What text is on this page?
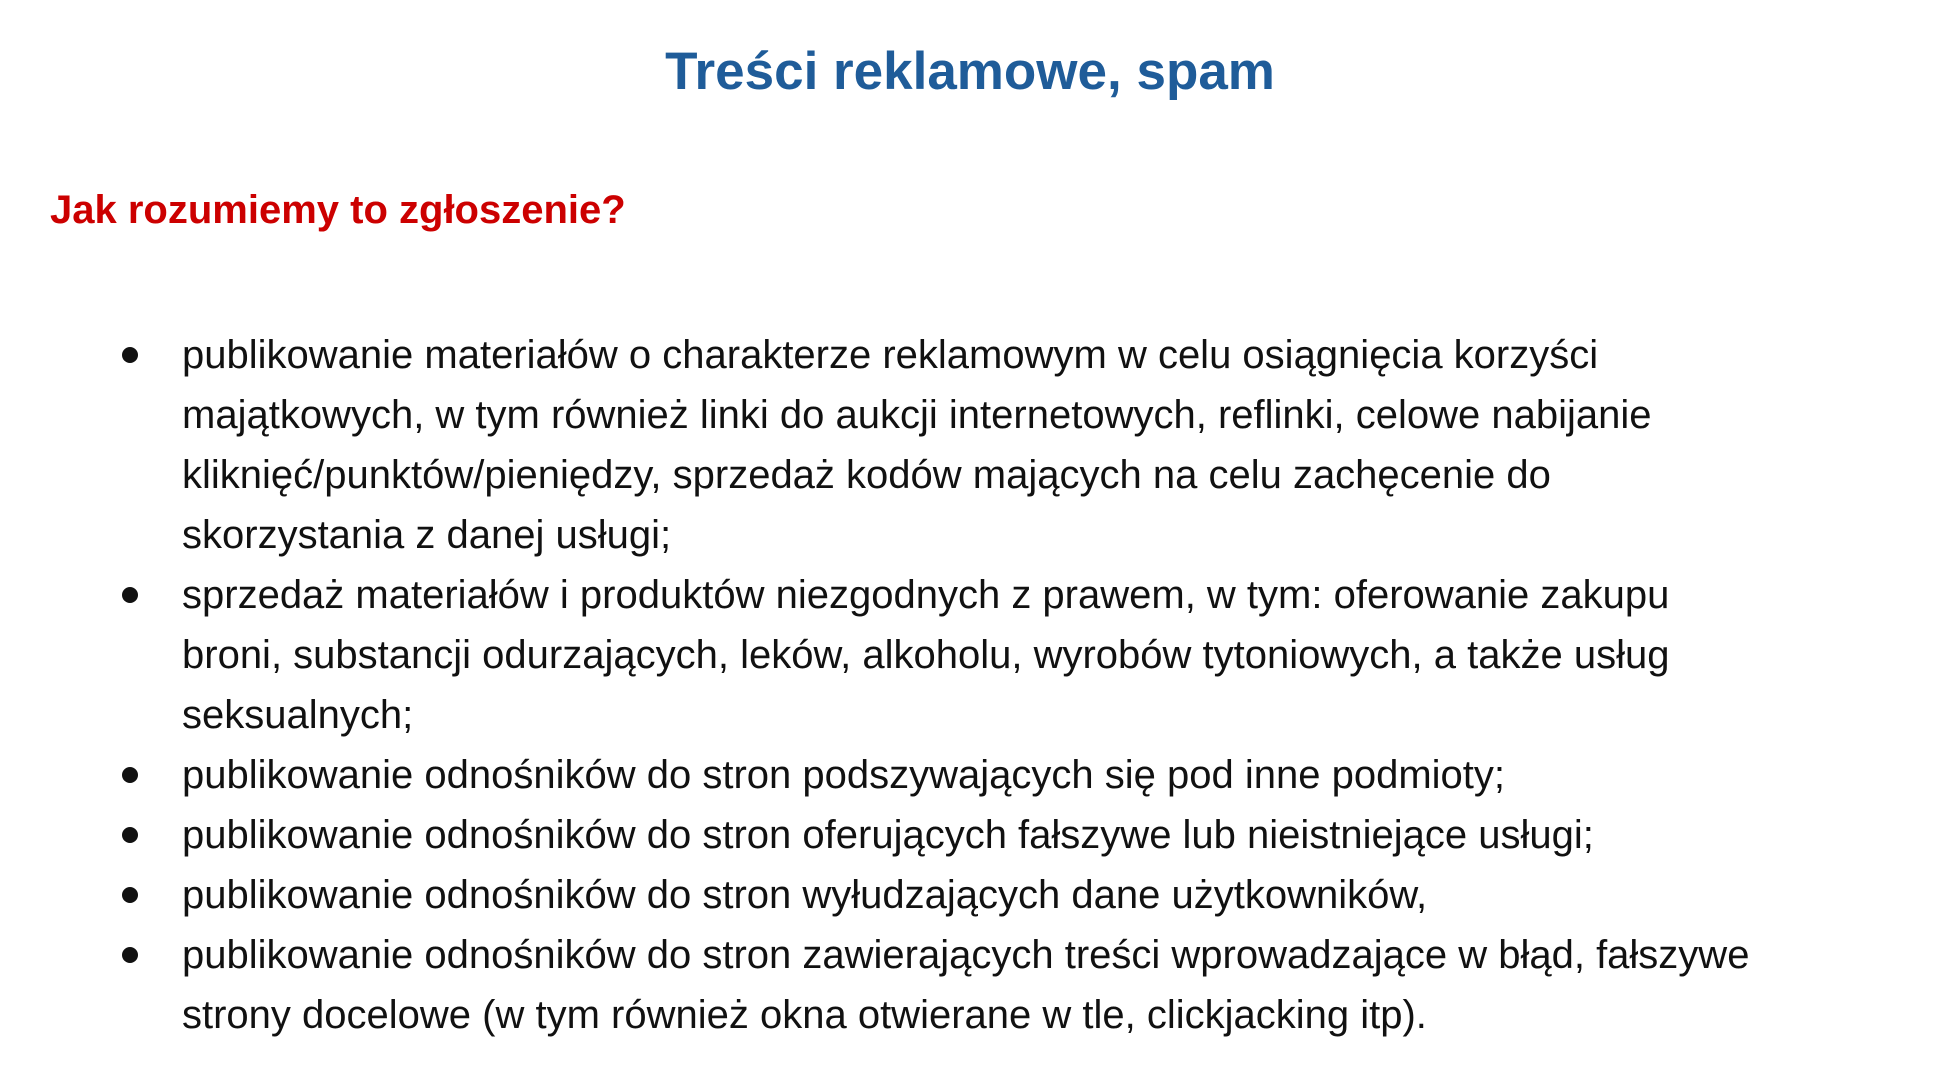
Treści reklamowe, spam
Jak rozumiemy to zgłoszenie?
publikowanie materiałów o charakterze reklamowym w celu osiągnięcia korzyści
majątkowych, w tym również linki do aukcji internetowych, reflinki, celowe nabijanie
kliknięć/punktów/pieniędzy, sprzedaż kodów mających na celu zachęcenie do
skorzystania z danej usługi;
sprzedaż materiałów i produktów niezgodnych z prawem, w tym: oferowanie zakupu
broni, substancji odurzających, leków, alkoholu, wyrobów tytoniowych, a także usług
seksualnych;
publikowanie odnośników do stron podszywających się pod inne podmioty;
publikowanie odnośników do stron oferujących fałszywe lub nieistniejące usługi;
publikowanie odnośników do stron wyłudzających dane użytkowników,
publikowanie odnośników do stron zawierających treści wprowadzające w błąd, fałszywe
strony docelowe (w tym również okna otwierane w tle, clickjacking itp).
